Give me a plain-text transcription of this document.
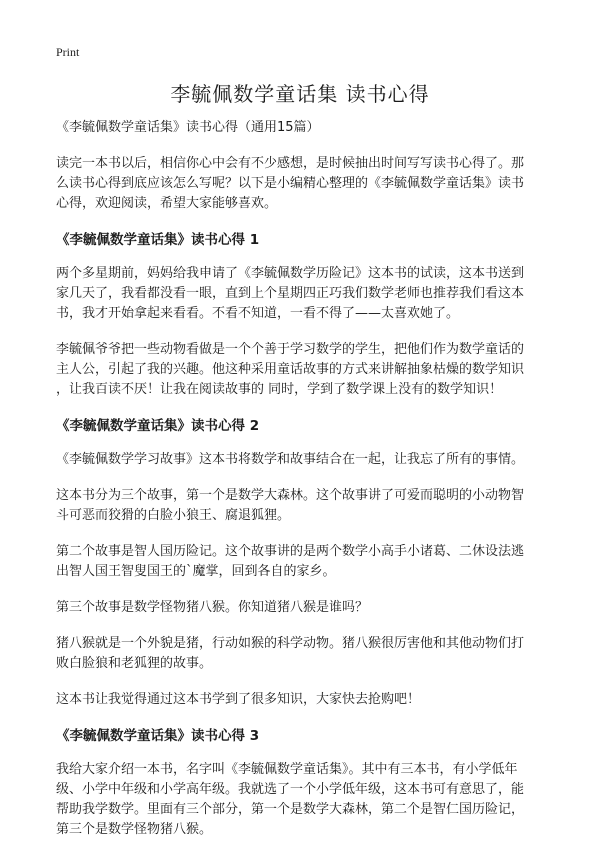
Print
李毓佩数学童话集 读书心得

《李毓佩数学童话集》读书心得（通用15篇）

读完一本书以后，相信你心中会有不少感想，是时候抽出时间写写读书心得了。那
么读书心得到底应该怎么写呢？以下是小编精心整理的《李毓佩数学童话集》读书
心得，欢迎阅读，希望大家能够喜欢。

《李毓佩数学童话集》读书心得 1

两个多星期前，妈妈给我申请了《李毓佩数学历险记》这本书的试读，这本书送到
家几天了，我看都没看一眼，直到上个星期四正巧我们数学老师也推荐我们看这本
书，我才开始拿起来看看。不看不知道，一看不得了——太喜欢她了。

李毓佩爷爷把一些动物看做是一个个善于学习数学的学生，把他们作为数学童话的
主人公，引起了我的兴趣。他这种采用童话故事的方式来讲解抽象枯燥的数学知识
，让我百读不厌！让我在阅读故事的 同时，学到了数学课上没有的数学知识！

《李毓佩数学童话集》读书心得 2

《李毓佩数学学习故事》这本书将数学和故事结合在一起，让我忘了所有的事情。

这本书分为三个故事，第一个是数学大森林。这个故事讲了可爱而聪明的小动物智
斗可恶而狡猾的白脸小狼王、腐退狐狸。

第二个故事是智人国历险记。这个故事讲的是两个数学小高手小诸葛、二休设法逃
出智人国王智叟国王的`魔掌，回到各自的家乡。

第三个故事是数学怪物猪八猴。你知道猪八猴是谁吗？

猪八猴就是一个外貌是猪，行动如猴的科学动物。猪八猴很厉害他和其他动物们打
败白脸狼和老狐狸的故事。

这本书让我觉得通过这本书学到了很多知识，大家快去抢购吧！

《李毓佩数学童话集》读书心得 3

我给大家介绍一本书，名字叫《李毓佩数学童话集》。其中有三本书，有小学低年
级、小学中年级和小学高年级。我就选了一个小学低年级，这本书可有意思了，能
帮助我学数学。里面有三个部分，第一个是数学大森林，第二个是智仁国历险记，
第三个是数学怪物猪八猴。
